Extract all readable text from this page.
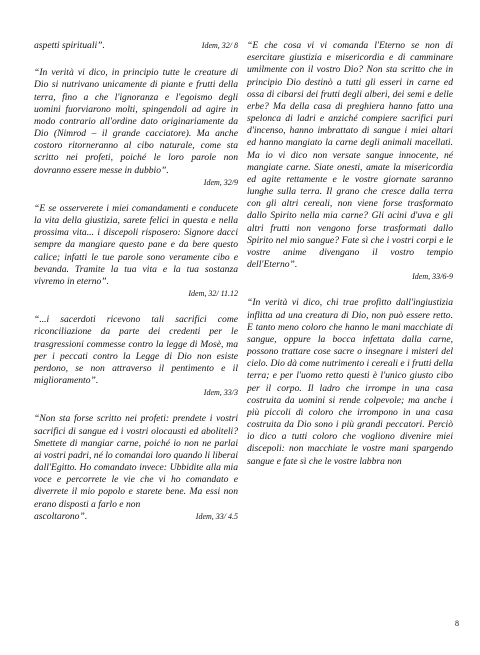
aspetti spirituali”.	Idem, 32/ 8

“In verità vi dico, in principio tutte le creature di Dio si nutrivano unicamente di piante e frutti della terra, fino a che l'ignoranza e l'egoismo degli uomini fuorviarono molti, spingendoli ad agire in modo contrario all'ordine dato originariamente da Dio (Nimrod – il grande cacciatore). Ma anche costoro ritorneranno al cibo naturale, come sta scritto nei profeti, poiché le loro parole non dovranno essere messe in dubbio”.

Idem, 32/9

“E se osserverete i miei comandamenti e conducete la vita della giustizia, sarete felici in questa e nella prossima vita... i discepoli risposero: Signore dacci sempre da mangiare questo pane e da bere questo calice; infatti le tue parole sono veramente cibo e bevanda. Tramite la tua vita e la tua sostanza vivremo in eterno”.

Idem, 32/ 11.12

“...i sacerdoti ricevono tali sacrifici come riconciliazione da parte dei credenti per le trasgressioni commesse contro la legge di Mosè, ma per i peccati contro la Legge di Dio non esiste perdono, se non attraverso il pentimento e il miglioramento”.

Idem, 33/3

“Non sta forse scritto nei profeti: prendete i vostri sacrifici di sangue ed i vostri olocausti ed aboliteli? Smettete di mangiar carne, poiché io non ne parlai ai vostri padri, né lo comandai loro quando li liberai dall'Egitto. Ho comandato invece: Ubbidite alla mia voce e percorrete le vie che vi ho comandato e diverrete il mio popolo e starete bene. Ma essi non erano disposti a farlo e non

ascoltarono”.	Idem, 33/ 4.5

“E che cosa vi vi comanda l'Eterno se non di esercitare giustizia e misericordia e di camminare umilmente con il vostro Dio? Non sta scritto che in principio Dio destinò a tutti gli esseri in carne ed ossa di cibarsi dei frutti degli alberi, dei semi e delle erbe? Ma della casa di preghiera hanno fatto una spelonca di ladri e anziché compiere sacrifici puri d'incenso, hanno imbrattato di sangue i miei altari ed hanno mangiato la carne degli animali macellati. Ma io vi dico non versate sangue innocente, né mangiate carne. Siate onesti, amate la misericordia ed agite rettamente e le vostre giornate saranno lunghe sulla terra. Il grano che cresce dalla terra con gli altri cereali, non viene forse trasformato dallo Spirito nella mia carne? Gli acini d'uva e gli altri frutti non vengono forse trasformati dallo Spirito nel mio sangue? Fate sì che i vostri corpi e le vostre anime divengano il vostro tempio dell'Eterno”.

Idem, 33/6-9

“In verità vi dico, chi trae profitto dall'ingiustizia inflitta ad una creatura di Dio, non può essere retto. E tanto meno coloro che hanno le mani macchiate di sangue, oppure la bocca infettata dalla carne, possono trattare cose sacre o insegnare i misteri del cielo. Dio dà come nutrimento i cereali e i frutti della terra; e per l'uomo retto questi è l'unico giusto cibo per il corpo. Il ladro che irrompe in una casa costruita da uomini si rende colpevole; ma anche i più piccoli di coloro che irrompono in una casa costruita da Dio sono i più grandi peccatori. Perciò io dico a tutti coloro che vogliono divenire miei discepoli: non macchiate le vostre mani spargendo sangue e fate sì che le vostre labbra non

8
